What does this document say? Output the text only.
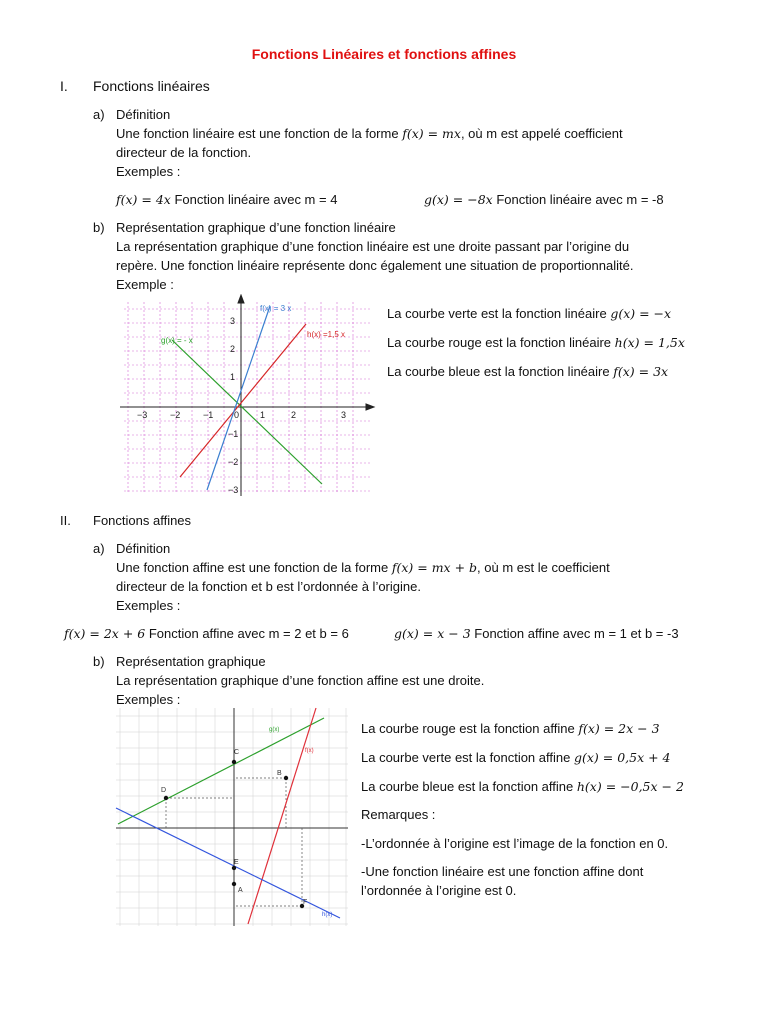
Fonctions Linéaires et fonctions affines
I. Fonctions linéaires
a) Définition
Une fonction linéaire est une fonction de la forme f(x) = mx, où m est appelé coefficient
directeur de la fonction.
Exemples :
f(x) = 4x Fonction linéaire avec m = 4	g(x) = −8x Fonction linéaire avec m = -8
b) Représentation graphique d’une fonction linéaire
La représentation graphique d’une fonction linéaire est une droite passant par l’origine du
repère. Une fonction linéaire représente donc également une situation de proportionnalité.
Exemple :
−3	−2	−1 0 1	2	3
3
2
1
−1
−2
−3
f(x) = 3 x
g(x) = - x
h(x) =1,5 x
La courbe verte est la fonction linéaire g(x) = −x
La courbe rouge est la fonction linéaire h(x) = 1,5x
La courbe bleue est la fonction linéaire f(x) = 3x
II. Fonctions affines
a) Définition
Une fonction affine est une fonction de la forme f(x) = mx + b, où m est le coefficient
directeur de la fonction et b est l’ordonnée à l’origine.
Exemples :
f(x) = 2x + 6 Fonction affine avec m = 2 et b = 6	g(x) = x − 3 Fonction affine avec m = 1 et b = -3
b) Représentation graphique
La représentation graphique d’une fonction affine est une droite.
Exemples :
A
B
C
D
E
F
g(x)
f(x)
h(x)
La courbe rouge est la fonction affine f(x) = 2x − 3
La courbe verte est la fonction affine g(x) = 0,5x + 4
La courbe bleue est la fonction affine h(x) = −0,5x − 2
Remarques :
-L’ordonnée à l’origine est l’image de la fonction en 0.
-Une fonction linéaire est une fonction affine dont
l’ordonnée à l’origine est 0.
